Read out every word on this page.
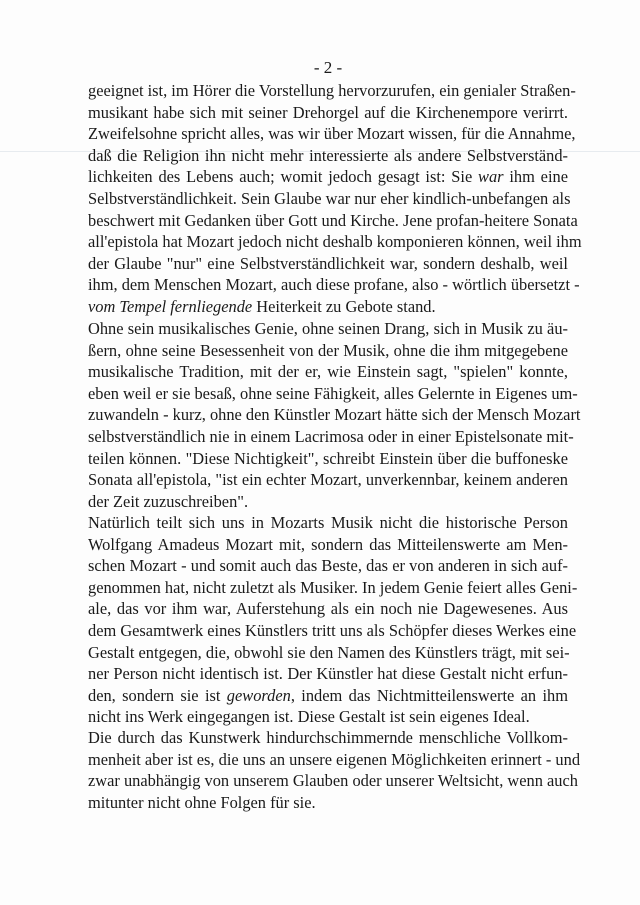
- 2 -
geeignet ist, im Hörer die Vorstellung hervorzurufen, ein genialer Straßen-
musikant habe sich mit seiner Drehorgel auf die Kirchenempore verirrt.
Zweifelsohne spricht alles, was wir über Mozart wissen, für die Annahme,
daß die Religion ihn nicht mehr interessierte als andere Selbstverständ-
lichkeiten des Lebens auch; womit jedoch gesagt ist: Sie war ihm eine
Selbstverständlichkeit. Sein Glaube war nur eher kindlich-unbefangen als
beschwert mit Gedanken über Gott und Kirche. Jene profan-heitere Sonata
all'epistola hat Mozart jedoch nicht deshalb komponieren können, weil ihm
der Glaube "nur" eine Selbstverständlichkeit war, sondern deshalb, weil
ihm, dem Menschen Mozart, auch diese profane, also - wörtlich übersetzt -
vom Tempel fernliegende Heiterkeit zu Gebote stand.
Ohne sein musikalisches Genie, ohne seinen Drang, sich in Musik zu äu-
ßern, ohne seine Besessenheit von der Musik, ohne die ihm mitgegebene
musikalische Tradition, mit der er, wie Einstein sagt, "spielen" konnte,
eben weil er sie besaß, ohne seine Fähigkeit, alles Gelernte in Eigenes um-
zuwandeln - kurz, ohne den Künstler Mozart hätte sich der Mensch Mozart
selbstverständlich nie in einem Lacrimosa oder in einer Epistelsonate mit-
teilen können. "Diese Nichtigkeit", schreibt Einstein über die buffoneske
Sonata all'epistola, "ist ein echter Mozart, unverkennbar, keinem anderen
der Zeit zuzuschreiben".
Natürlich teilt sich uns in Mozarts Musik nicht die historische Person
Wolfgang Amadeus Mozart mit, sondern das Mitteilenswerte am Men-
schen Mozart - und somit auch das Beste, das er von anderen in sich auf-
genommen hat, nicht zuletzt als Musiker. In jedem Genie feiert alles Geni-
ale, das vor ihm war, Auferstehung als ein noch nie Dagewesenes. Aus
dem Gesamtwerk eines Künstlers tritt uns als Schöpfer dieses Werkes eine
Gestalt entgegen, die, obwohl sie den Namen des Künstlers trägt, mit sei-
ner Person nicht identisch ist. Der Künstler hat diese Gestalt nicht erfun-
den, sondern sie ist geworden, indem das Nichtmitteilenswerte an ihm
nicht ins Werk eingegangen ist. Diese Gestalt ist sein eigenes Ideal.
Die durch das Kunstwerk hindurchschimmernde menschliche Vollkom-
menheit aber ist es, die uns an unsere eigenen Möglichkeiten erinnert - und
zwar unabhängig von unserem Glauben oder unserer Weltsicht, wenn auch
mitunter nicht ohne Folgen für sie.
